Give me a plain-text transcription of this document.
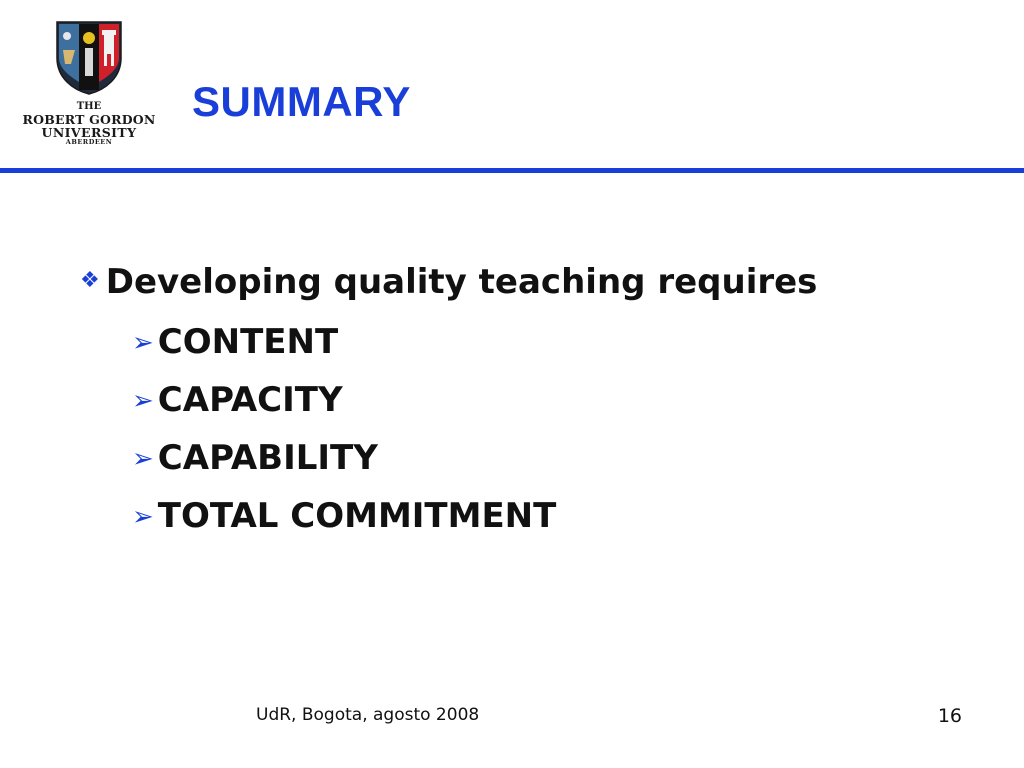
THE
ROBERT GORDON
UNIVERSITY
ABERDEEN
SUMMARY
❖ Developing quality teaching requires
➢ CONTENT
➢ CAPACITY
➢ CAPABILITY
➢ TOTAL COMMITMENT
UdR, Bogota, agosto 2008	16
